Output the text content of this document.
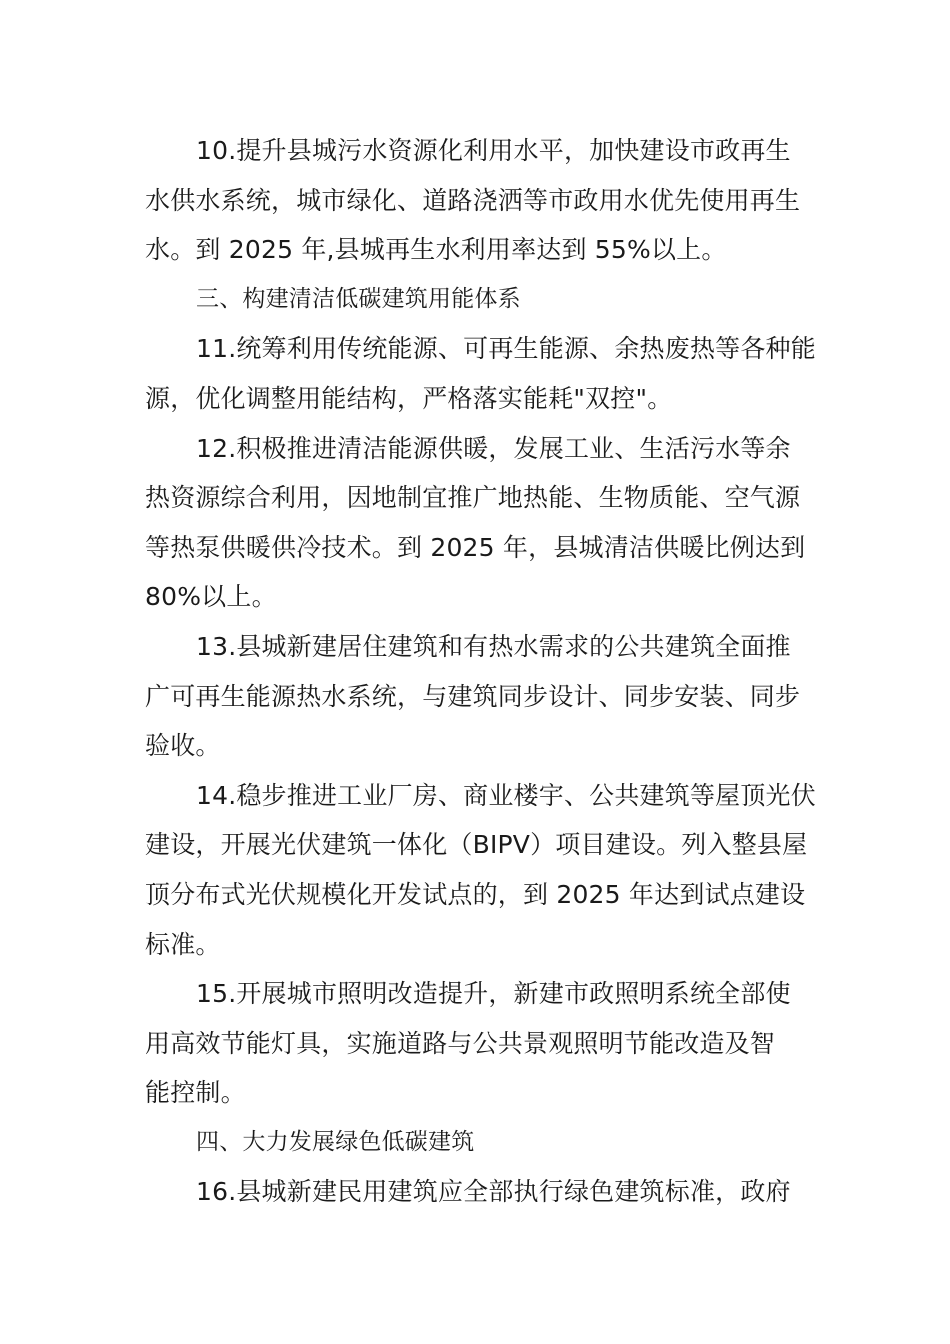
10.提升县城污水资源化利用水平，加快建设市政再生
水供水系统，城市绿化、道路浇洒等市政用水优先使用再生
水。到 2025 年,县城再生水利用率达到 55%以上。

三、构建清洁低碳建筑用能体系

11.统筹利用传统能源、可再生能源、余热废热等各种能
源，优化调整用能结构，严格落实能耗"双控"。

12.积极推进清洁能源供暖，发展工业、生活污水等余
热资源综合利用，因地制宜推广地热能、生物质能、空气源
等热泵供暖供冷技术。到 2025 年，县城清洁供暖比例达到
80%以上。

13.县城新建居住建筑和有热水需求的公共建筑全面推
广可再生能源热水系统，与建筑同步设计、同步安装、同步
验收。

14.稳步推进工业厂房、商业楼宇、公共建筑等屋顶光伏
建设，开展光伏建筑一体化（BIPV）项目建设。列入整县屋
顶分布式光伏规模化开发试点的，到 2025 年达到试点建设
标准。

15.开展城市照明改造提升，新建市政照明系统全部使
用高效节能灯具，实施道路与公共景观照明节能改造及智
能控制。

四、大力发展绿色低碳建筑

16.县城新建民用建筑应全部执行绿色建筑标准，政府
